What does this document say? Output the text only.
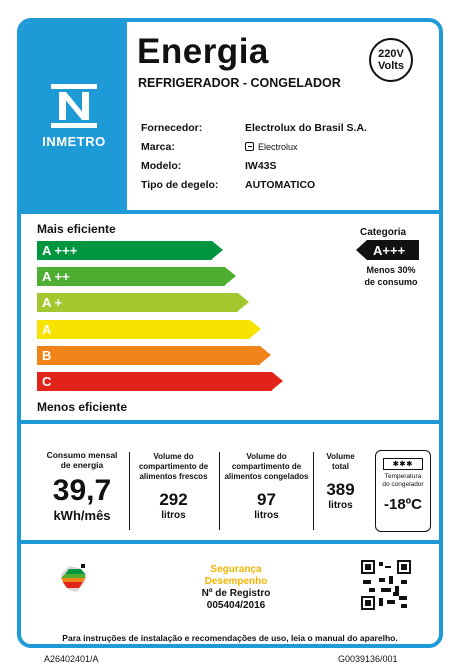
INMETRO
Energia
REFRIGERADOR - CONGELADOR
220V
Volts
Fornecedor:	Electrolux do Brasil S.A.
Marca:	Electrolux
Modelo:	IW43S
Tipo de degelo:	AUTOMATICO
Mais eficiente
A +++
A ++
A +
A
B
C
Menos eficiente
Categoria
A+++
Menos 30%
de consumo
Consumo mensal
de energia
39,7
kWh/mês
Volume do
compartimento de
alimentos frescos
292
litros
Volume do
compartimento de
alimentos congelados
97
litros
Volume
total
389
litros
✱✱✱
Temperatura
do congelador
-18ºC
Segurança
Desempenho
Nº de Registro
005404/2016
Para instruções de instalação e recomendações de uso, leia o manual do aparelho.
A26402401/A	G0039136/001
